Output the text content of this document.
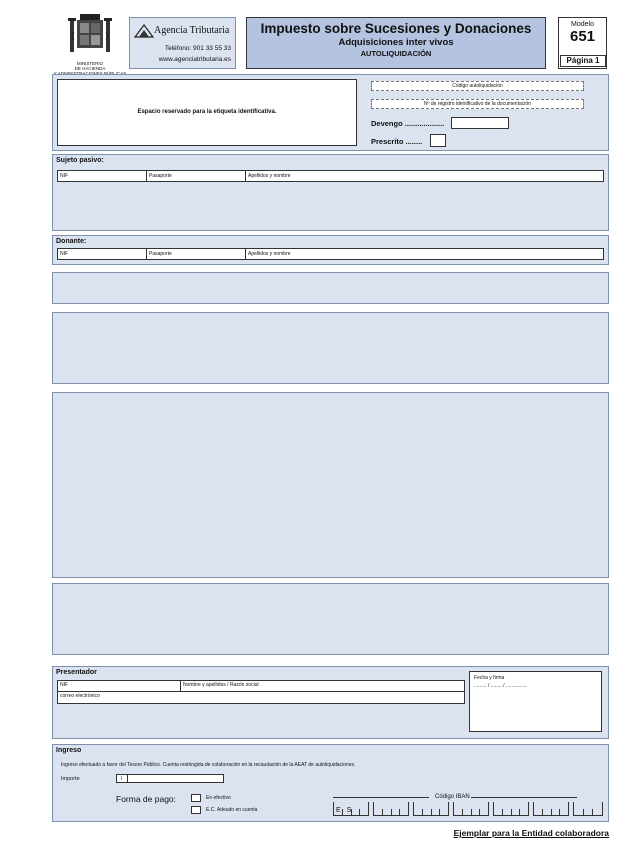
MINISTERIO
DE HACIENDA
Agencia Tributaria
Teléfono: 901 33 55 33
www.agenciatributaria.es
Impuesto sobre Sucesiones y Donaciones
Adquisiciones inter vivos
AUTOLIQUIDACIÓN
Modelo
651
Página 1
Espacio reservado para la etiqueta identificativa.
Código autoliquidación
Nº de registro identificativo de la documentación
Devengo ...................
Prescrito ........
Sujeto pasivo:
NIF	Pasaporte	Apellidos y nombre
Donante:
NIF	Pasaporte	Apellidos y nombre
Presentador
NIF	Nombre y apellidos / Razón social
correo electrónico
Fecha y firma
......... / ........ / ...............
Ingreso
Ingreso efectuado a favor del Tesoro Público. Cuenta restringida de colaboración en la recaudación de la AEAT de autoliquidaciones.
Importe	I
Forma de pago:	En efectivo
E.C. Adeudo en cuenta
Código IBAN
E S
Ejemplar para la Entidad colaboradora
